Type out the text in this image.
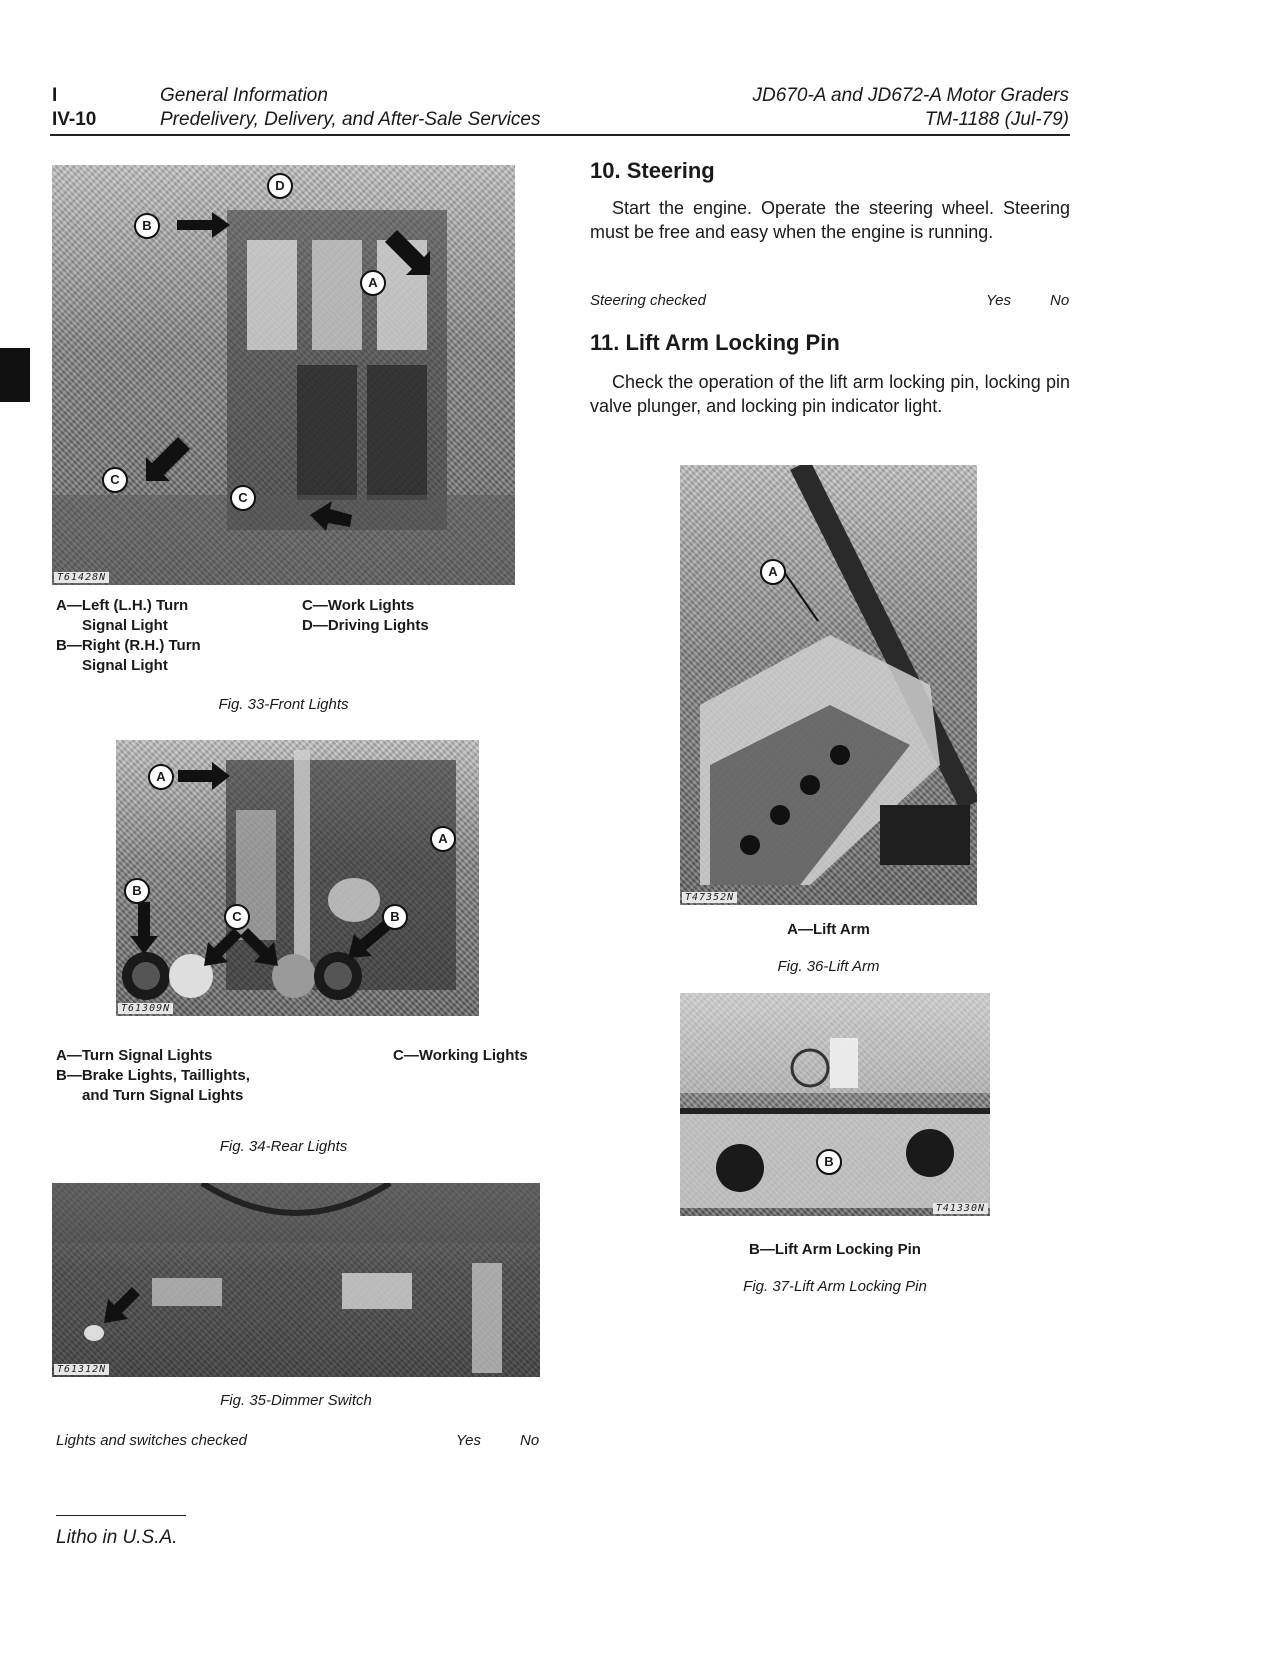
I
IV-10
General Information
Predelivery, Delivery, and After-Sale Services
JD670-A and JD672-A Motor Graders
TM-1188 (Jul-79)
D
B
A
C
C
T61428N
A—Left (L.H.) Turn
Signal Light
B—Right (R.H.) Turn
Signal Light
C—Work Lights
D—Driving Lights
Fig. 33-Front Lights
A
A
B
C	B
T61309N
A—Turn Signal Lights
B—Brake Lights, Taillights,
and Turn Signal Lights
C—Working Lights
Fig. 34-Rear Lights
T61312N
Fig. 35-Dimmer Switch
Lights and switches checked	Yes	No
10. Steering
Start the engine. Operate the steering wheel. Steering must be free and easy when the engine is running.
Steering checked	Yes	No
11. Lift Arm Locking Pin
Check the operation of the lift arm locking pin, locking pin valve plunger, and locking pin indicator light.
A
T47352N
A—Lift Arm
Fig. 36-Lift Arm
B
T41330N
B—Lift Arm Locking Pin
Fig. 37-Lift Arm Locking Pin
Litho in U.S.A.
